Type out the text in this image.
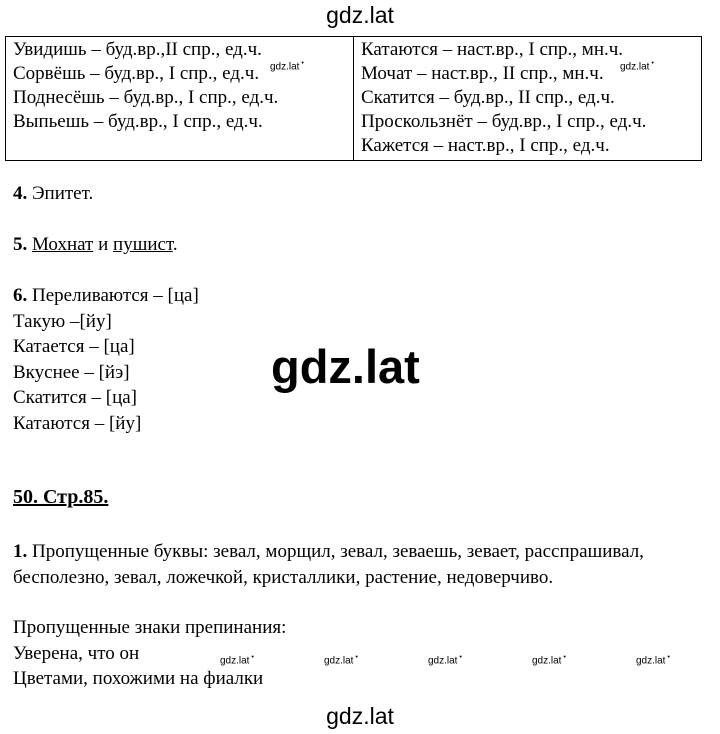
gdz.lat
Увидишь – буд.вр.,II спр., ед.ч.
Сорвёшь – буд.вр., I спр., ед.ч.
Поднесёшь – буд.вр., I спр., ед.ч.
Выпьешь – буд.вр., I спр., ед.ч.

Катаются – наст.вр., I спр., мн.ч.
Мочат – наст.вр., II спр., мн.ч.
Скатится – буд.вр., II спр., ед.ч.
Проскользнёт – буд.вр., I спр., ед.ч.
Кажется – наст.вр., I спр., ед.ч.
gdz.lat •	gdz.lat •
4. Эпитет.
5. Мохнат и пушист.
6. Переливаются – [ца]
Такую –[йу]
Катается – [ца]
Вкуснее – [йэ]
Скатится – [ца]
Катаются – [йу]
gdz.lat
50. Стр.85.
1. Пропущенные буквы: зевал, морщил, зевал, зеваешь, зевает, расспрашивал,
бесполезно, зевал, ложечкой, кристаллики, растение, недоверчиво.
Пропущенные знаки препинания:
Уверена, что он
Цветами, похожими на фиалки
gdz.lat •	gdz.lat •	gdz.lat •	gdz.lat •	gdz.lat •
gdz.lat
